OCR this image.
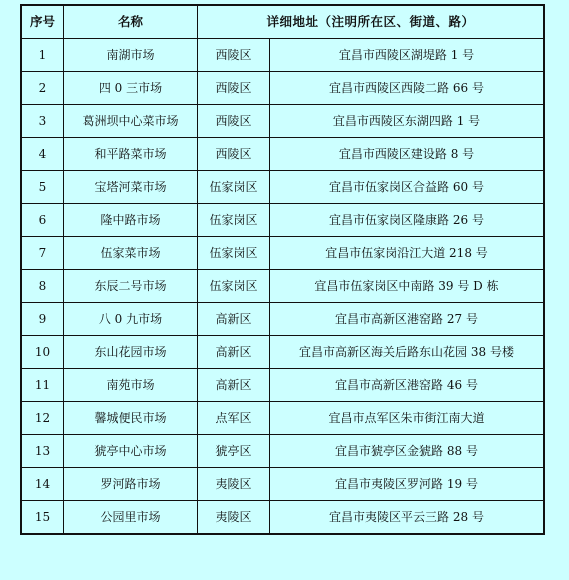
序号	名称	详细地址（注明所在区、街道、路）	
1	南湖市场	西陵区	宜昌市西陵区湖堤路 1 号
2	四 0 三市场	西陵区	宜昌市西陵区西陵二路 66 号
3	葛洲坝中心菜市场	西陵区	宜昌市西陵区东湖四路 1 号
4	和平路菜市场	西陵区	宜昌市西陵区建设路 8 号
5	宝塔河菜市场	伍家岗区	宜昌市伍家岗区合益路 60 号
6	隆中路市场	伍家岗区	宜昌市伍家岗区隆康路 26 号
7	伍家菜市场	伍家岗区	宜昌市伍家岗沿江大道 218 号
8	东辰二号市场	伍家岗区	宜昌市伍家岗区中南路 39 号 D 栋
9	八 0 九市场	高新区	宜昌市高新区港窑路 27 号
10	东山花园市场	高新区	宜昌市高新区海关后路东山花园 38 号楼
11	南苑市场	高新区	宜昌市高新区港窑路 46 号
12	馨城便民市场	点军区	宜昌市点军区朱市街江南大道
13	猇亭中心市场	猇亭区	宜昌市猇亭区金猇路 88 号
14	罗河路市场	夷陵区	宜昌市夷陵区罗河路 19 号
15	公园里市场	夷陵区	宜昌市夷陵区平云三路 28 号
